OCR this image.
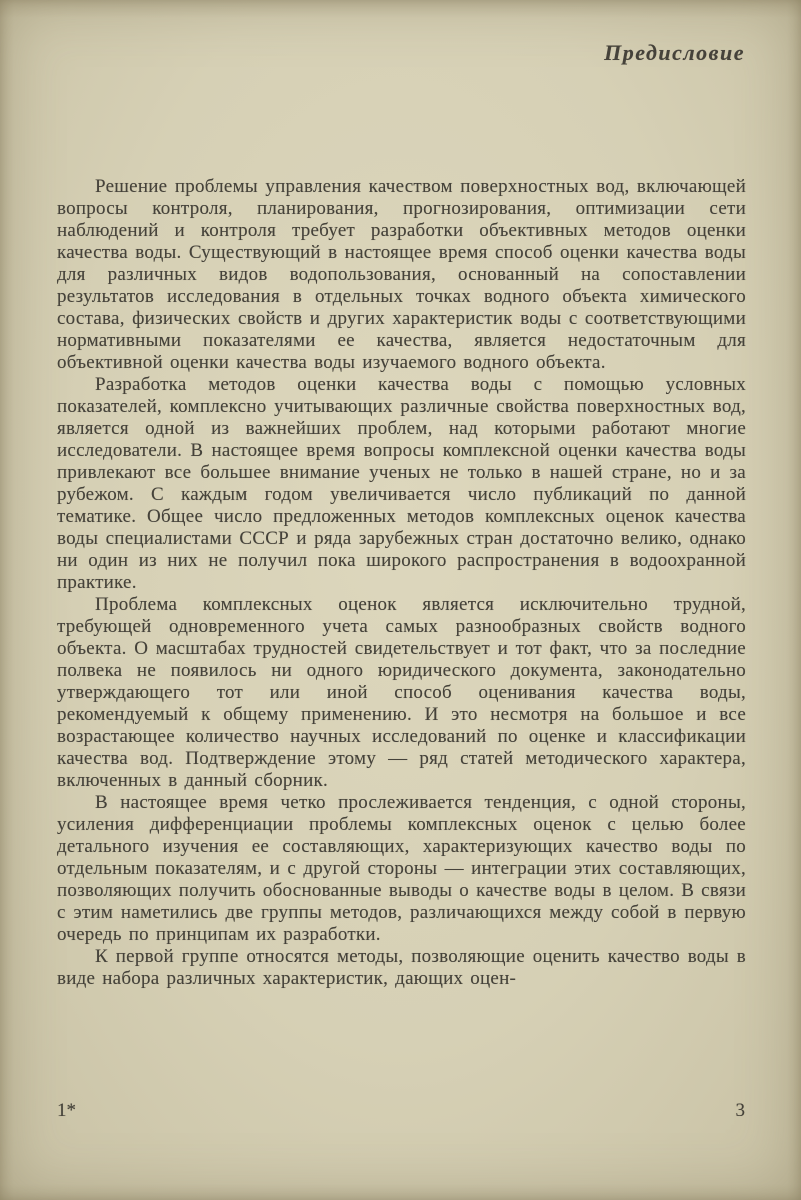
Предисловие

Решение проблемы управления качеством поверхностных вод, включающей вопросы контроля, планирования, прогнозирования, оптимизации сети наблюдений и контроля требует разработки объективных методов оценки качества воды. Существующий в настоящее время способ оценки качества воды для различных видов водопользования, основанный на сопоставлении результатов исследования в отдельных точках водного объекта химического состава, физических свойств и других характеристик воды с соответствующими нормативными показателями ее качества, является недостаточным для объективной оценки качества воды изучаемого водного объекта.

Разработка методов оценки качества воды с помощью условных показателей, комплексно учитывающих различные свойства поверхностных вод, является одной из важнейших проблем, над которыми работают многие исследователи. В настоящее время вопросы комплексной оценки качества воды привлекают все большее внимание ученых не только в нашей стране, но и за рубежом. С каждым годом увеличивается число публикаций по данной тематике. Общее число предложенных методов комплексных оценок качества воды специалистами СССР и ряда зарубежных стран достаточно велико, однако ни один из них не получил пока широкого распространения в водоохранной практике.

Проблема комплексных оценок является исключительно трудной, требующей одновременного учета самых разнообразных свойств водного объекта. О масштабах трудностей свидетельствует и тот факт, что за последние полвека не появилось ни одного юридического документа, законодательно утверждающего тот или иной способ оценивания качества воды, рекомендуемый к общему применению. И это несмотря на большое и все возрастающее количество научных исследований по оценке и классификации качества вод. Подтверждение этому — ряд статей методического характера, включенных в данный сборник.

В настоящее время четко прослеживается тенденция, с одной стороны, усиления дифференциации проблемы комплексных оценок с целью более детального изучения ее составляющих, характеризующих качество воды по отдельным показателям, и с другой стороны — интеграции этих составляющих, позволяющих получить обоснованные выводы о качестве воды в целом. В связи с этим наметились две группы методов, различающихся между собой в первую очередь по принципам их разработки.

К первой группе относятся методы, позволяющие оценить качество воды в виде набора различных характеристик, дающих оцен-

1*	3
